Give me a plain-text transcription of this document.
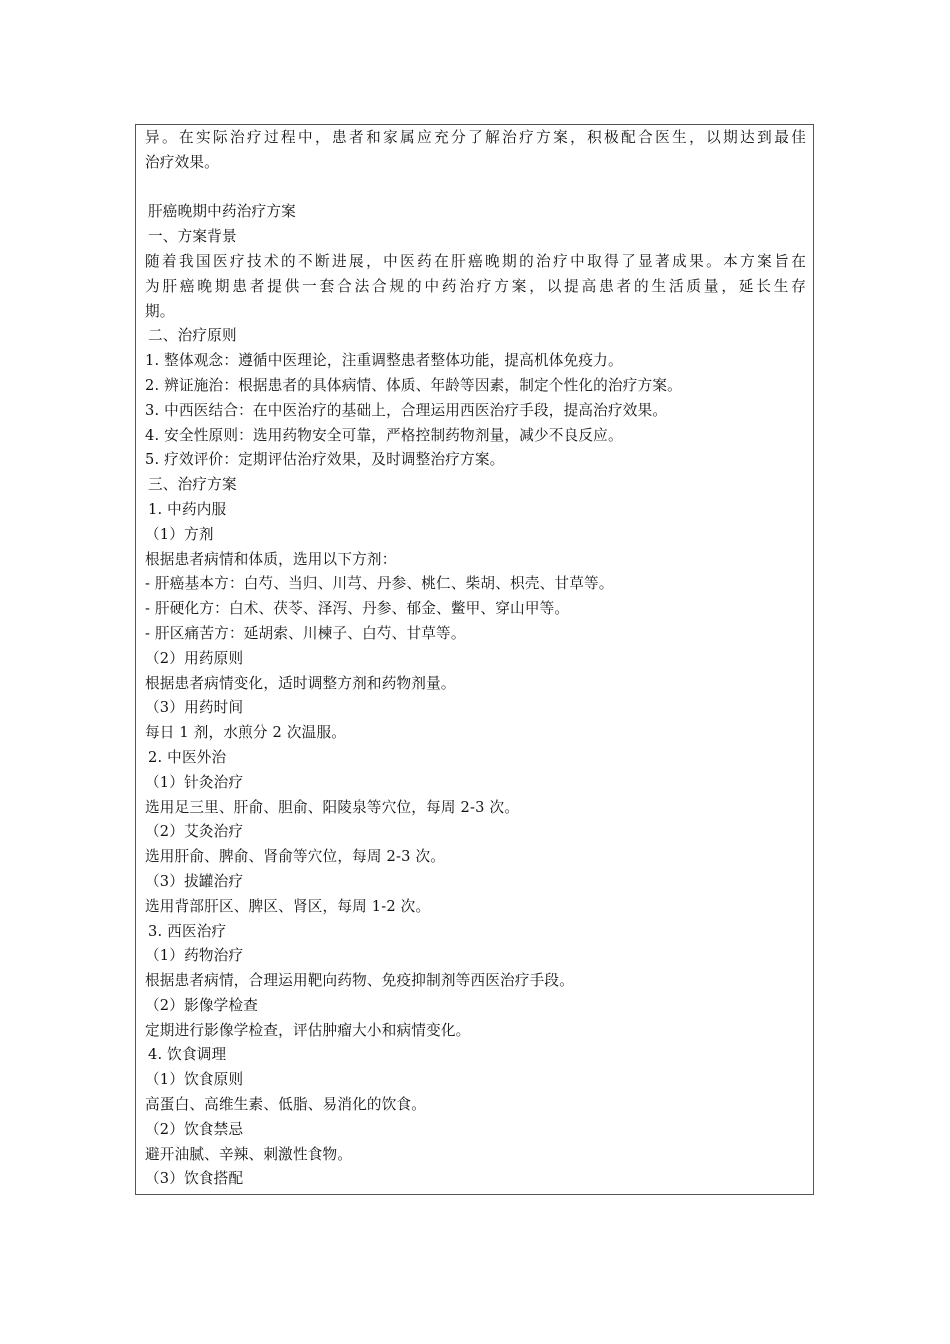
异。在实际治疗过程中，患者和家属应充分了解治疗方案，积极配合医生，以期达到最佳
治疗效果。
肝癌晚期中药治疗方案
一、方案背景
随着我国医疗技术的不断进展，中医药在肝癌晚期的治疗中取得了显著成果。本方案旨在
为肝癌晚期患者提供一套合法合规的中药治疗方案，以提高患者的生活质量，延长生存
期。
二、治疗原则
1. 整体观念：遵循中医理论，注重调整患者整体功能，提高机体免疫力。
2. 辨证施治：根据患者的具体病情、体质、年龄等因素，制定个性化的治疗方案。
3. 中西医结合：在中医治疗的基础上，合理运用西医治疗手段，提高治疗效果。
4. 安全性原则：选用药物安全可靠，严格控制药物剂量，减少不良反应。
5. 疗效评价：定期评估治疗效果，及时调整治疗方案。
三、治疗方案
1. 中药内服
（1）方剂
根据患者病情和体质，选用以下方剂：
- 肝癌基本方：白芍、当归、川芎、丹参、桃仁、柴胡、枳壳、甘草等。
- 肝硬化方：白术、茯苓、泽泻、丹参、郁金、鳖甲、穿山甲等。
- 肝区痛苦方：延胡索、川楝子、白芍、甘草等。
（2）用药原则
根据患者病情变化，适时调整方剂和药物剂量。
（3）用药时间
每日 1 剂，水煎分 2 次温服。
2. 中医外治
（1）针灸治疗
选用足三里、肝俞、胆俞、阳陵泉等穴位，每周 2-3 次。
（2）艾灸治疗
选用肝俞、脾俞、肾俞等穴位，每周 2-3 次。
（3）拔罐治疗
选用背部肝区、脾区、肾区，每周 1-2 次。
3. 西医治疗
（1）药物治疗
根据患者病情，合理运用靶向药物、免疫抑制剂等西医治疗手段。
（2）影像学检查
定期进行影像学检查，评估肿瘤大小和病情变化。
4. 饮食调理
（1）饮食原则
高蛋白、高维生素、低脂、易消化的饮食。
（2）饮食禁忌
避开油腻、辛辣、刺激性食物。
（3）饮食搭配
